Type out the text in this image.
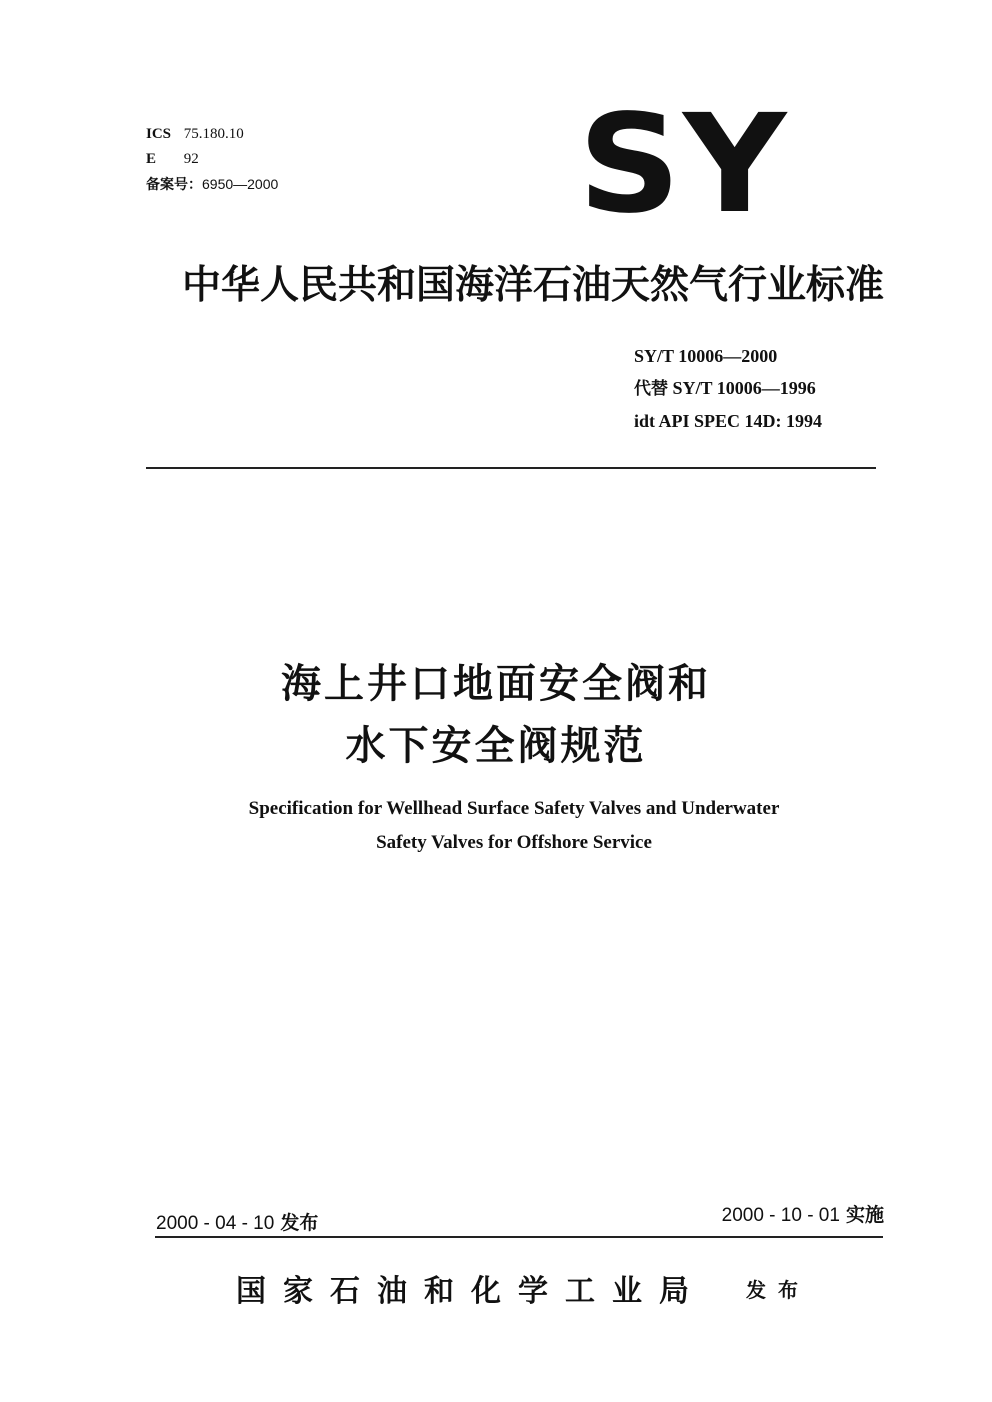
ICS 75.180.10
E 92
备案号：6950—2000 SY
中华人民共和国海洋石油天然气行业标准
SY/T 10006—2000
代替 SY/T 10006—1996
idt API SPEC 14D: 1994
海上井口地面安全阀和
水下安全阀规范
Specification for Wellhead Surface Safety Valves and Underwater
Safety Valves for Offshore Service
2000 - 04 - 10 发布	2000 - 10 - 01 实施
国家石油和化学工业局 发布
